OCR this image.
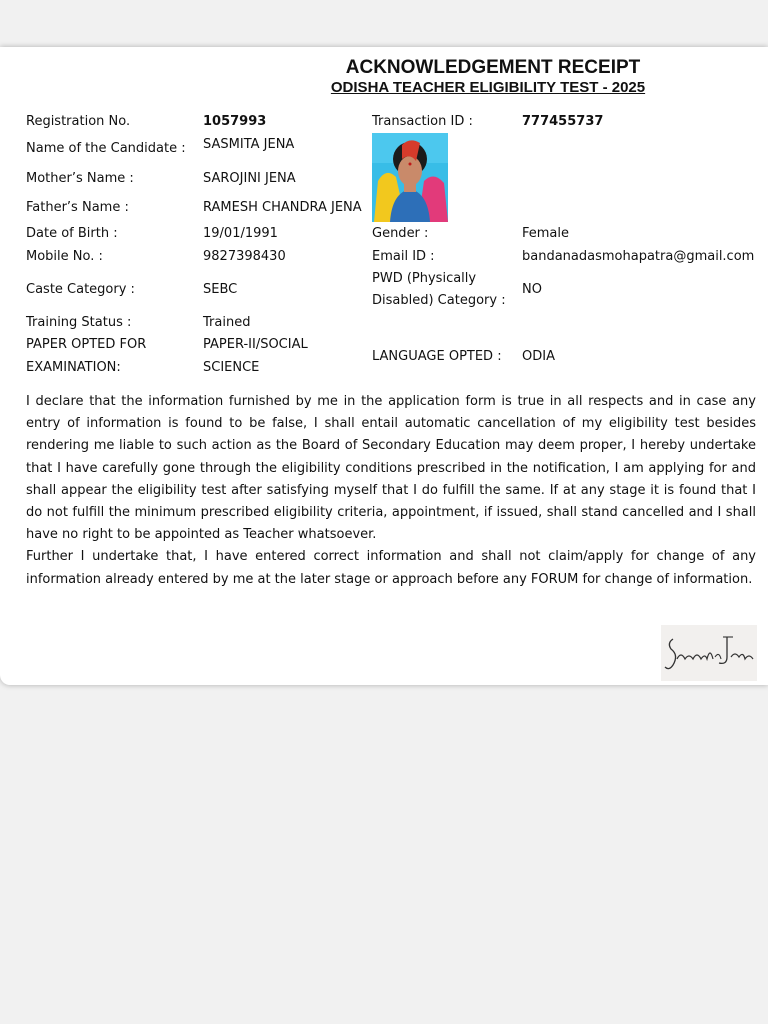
ACKNOWLEDGEMENT RECEIPT
ODISHA TEACHER ELIGIBILITY TEST - 2025
Registration No.
Name of the Candidate :
Mother’s Name :
Father’s Name :
Date of Birth :
Mobile No. :
Caste Category :
Training Status :
PAPER OPTED FOR
EXAMINATION:
1057993
SASMITA JENA
SAROJINI JENA
RAMESH CHANDRA JENA
19/01/1991
9827398430
SEBC
Trained
PAPER-II/SOCIAL
SCIENCE
Transaction ID :
Gender :
Email ID :
PWD (Physically
Disabled) Category :
LANGUAGE OPTED :
777455737
Female
bandanadasmohapatra@gmail.com
NO
ODIA

I declare that the information furnished by me in the application form is true in all respects and in case any entry of information is found to be false, I shall entail automatic cancellation of my eligibility test besides rendering me liable to such action as the Board of Secondary Education may deem proper, I hereby undertake that I have carefully gone through the eligibility conditions prescribed in the notification, I am applying for and shall appear the eligibility test after satisfying myself that I do fulfill the same. If at any stage it is found that I do not fulfill the minimum prescribed eligibility criteria, appointment, if issued, shall stand cancelled and I shall have no right to be appointed as Teacher whatsoever.

Further I undertake that, I have entered correct information and shall not claim/apply for change of any information already entered by me at the later stage or approach before any FORUM for change of information.
